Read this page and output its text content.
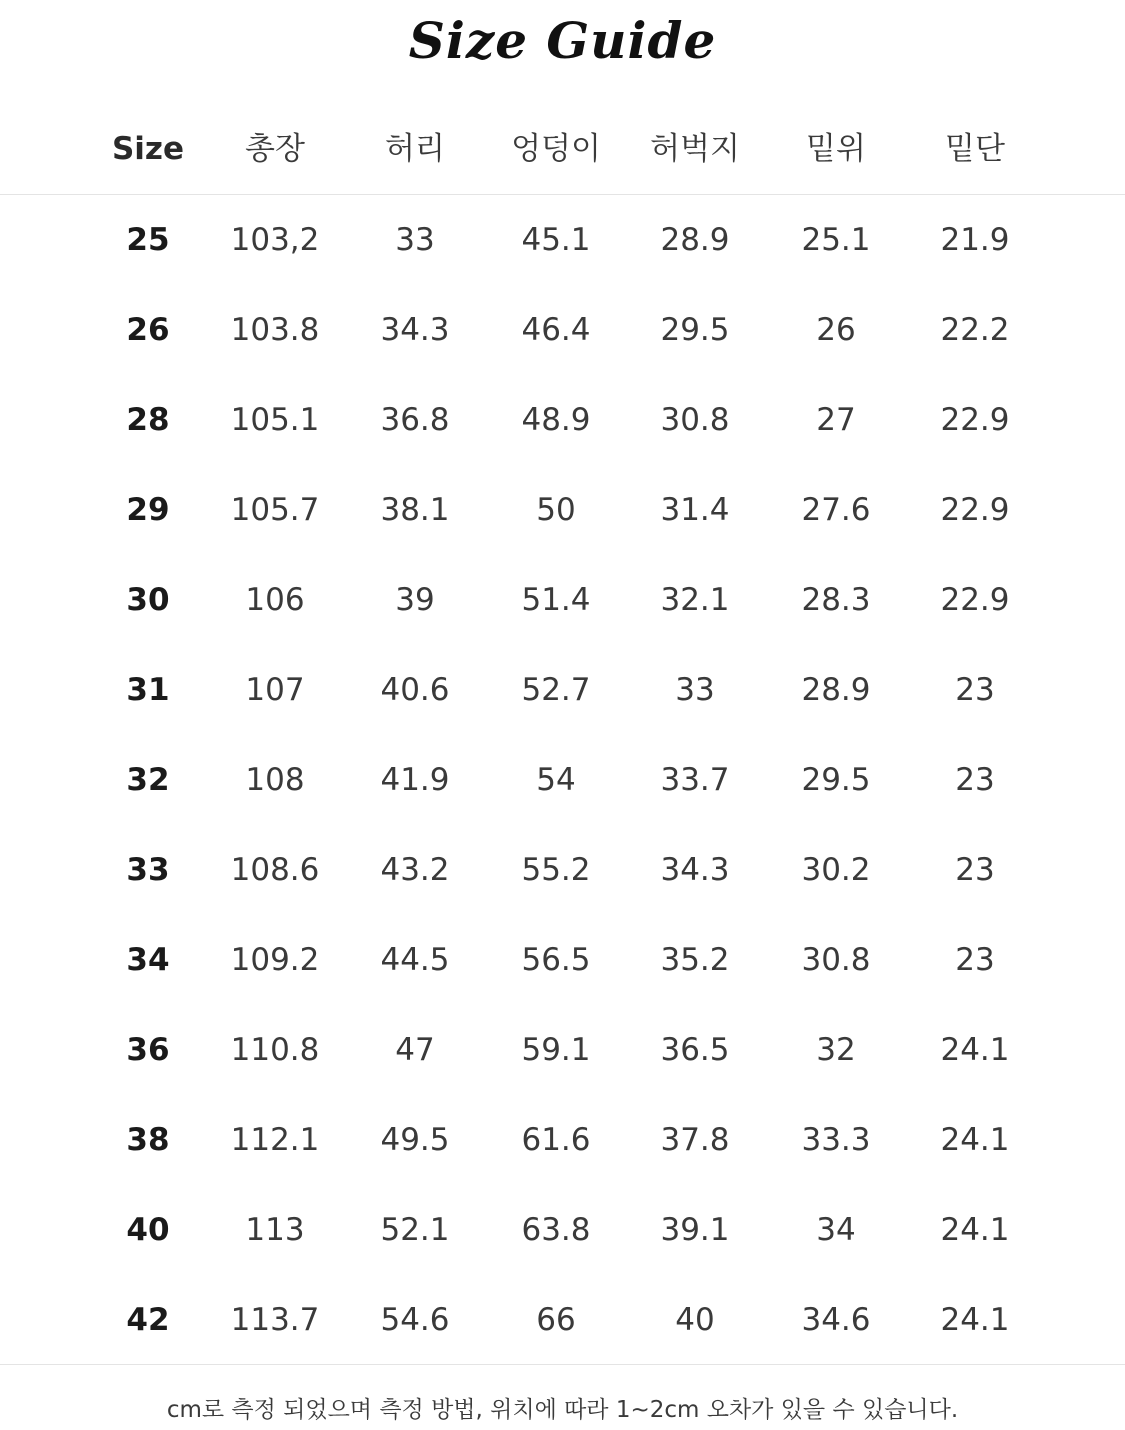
Size Guide
Size	총장	허리	엉덩이	허벅지	밑위	밑단
25	103,2	33	45.1	28.9	25.1	21.9
26	103.8	34.3	46.4	29.5	26	22.2
28	105.1	36.8	48.9	30.8	27	22.9
29	105.7	38.1	50	31.4	27.6	22.9
30	106	39	51.4	32.1	28.3	22.9
31	107	40.6	52.7	33	28.9	23
32	108	41.9	54	33.7	29.5	23
33	108.6	43.2	55.2	34.3	30.2	23
34	109.2	44.5	56.5	35.2	30.8	23
36	110.8	47	59.1	36.5	32	24.1
38	112.1	49.5	61.6	37.8	33.3	24.1
40	113	52.1	63.8	39.1	34	24.1
42	113.7	54.6	66	40	34.6	24.1
cm로 측정 되었으며 측정 방법, 위치에 따라 1~2cm 오차가 있을 수 있습니다.
